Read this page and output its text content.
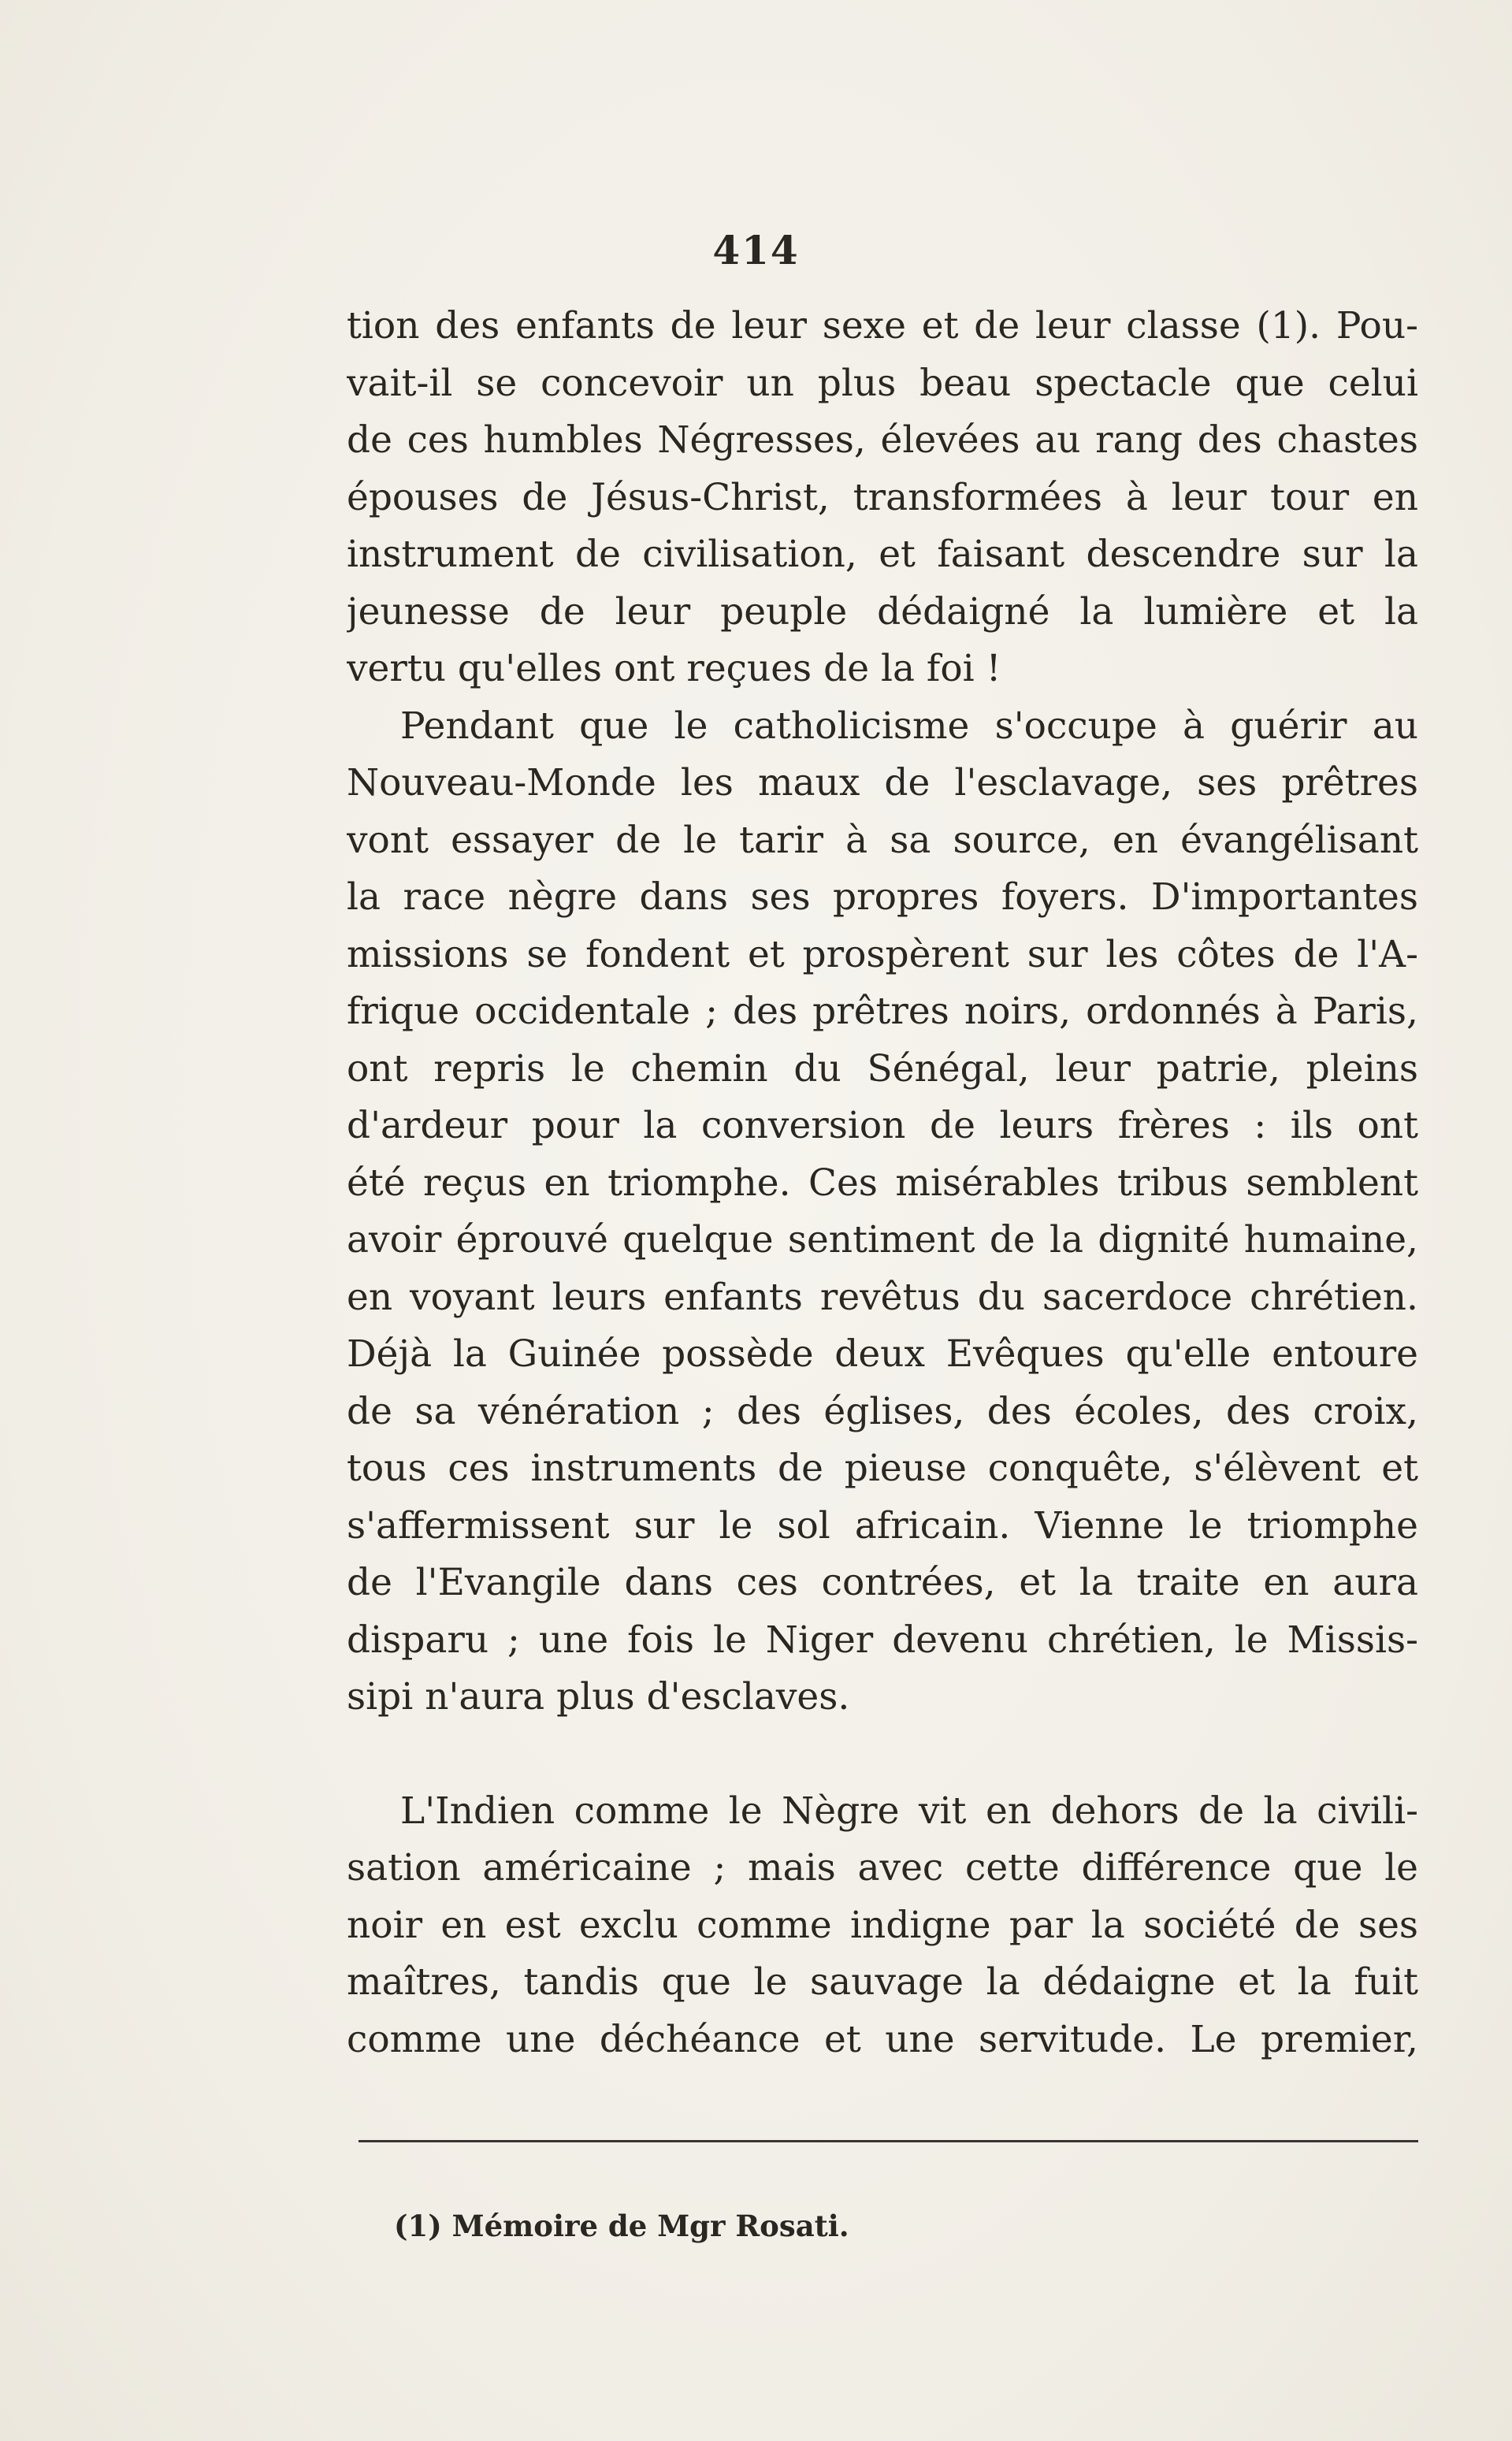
414
tion des enfants de leur sexe et de leur classe (1). Pou-
vait-il se concevoir un plus beau spectacle que celui
de ces humbles Négresses, élevées au rang des chastes
épouses de Jésus-Christ, transformées à leur tour en
instrument de civilisation, et faisant descendre sur la
jeunesse de leur peuple dédaigné la lumière et la
vertu qu'elles ont reçues de la foi !
Pendant que le catholicisme s'occupe à guérir au
Nouveau-Monde les maux de l'esclavage, ses prêtres
vont essayer de le tarir à sa source, en évangélisant
la race nègre dans ses propres foyers. D'importantes
missions se fondent et prospèrent sur les côtes de l'A-
frique occidentale ; des prêtres noirs, ordonnés à Paris,
ont repris le chemin du Sénégal, leur patrie, pleins
d'ardeur pour la conversion de leurs frères : ils ont
été reçus en triomphe. Ces misérables tribus semblent
avoir éprouvé quelque sentiment de la dignité humaine,
en voyant leurs enfants revêtus du sacerdoce chrétien.
Déjà la Guinée possède deux Evêques qu'elle entoure
de sa vénération ; des églises, des écoles, des croix,
tous ces instruments de pieuse conquête, s'élèvent et
s'affermissent sur le sol africain. Vienne le triomphe
de l'Evangile dans ces contrées, et la traite en aura
disparu ; une fois le Niger devenu chrétien, le Missis-
sipi n'aura plus d'esclaves.
L'Indien comme le Nègre vit en dehors de la civili-
sation américaine ; mais avec cette différence que le
noir en est exclu comme indigne par la société de ses
maîtres, tandis que le sauvage la dédaigne et la fuit
comme une déchéance et une servitude. Le premier,
(1) Mémoire de Mgr Rosati.
